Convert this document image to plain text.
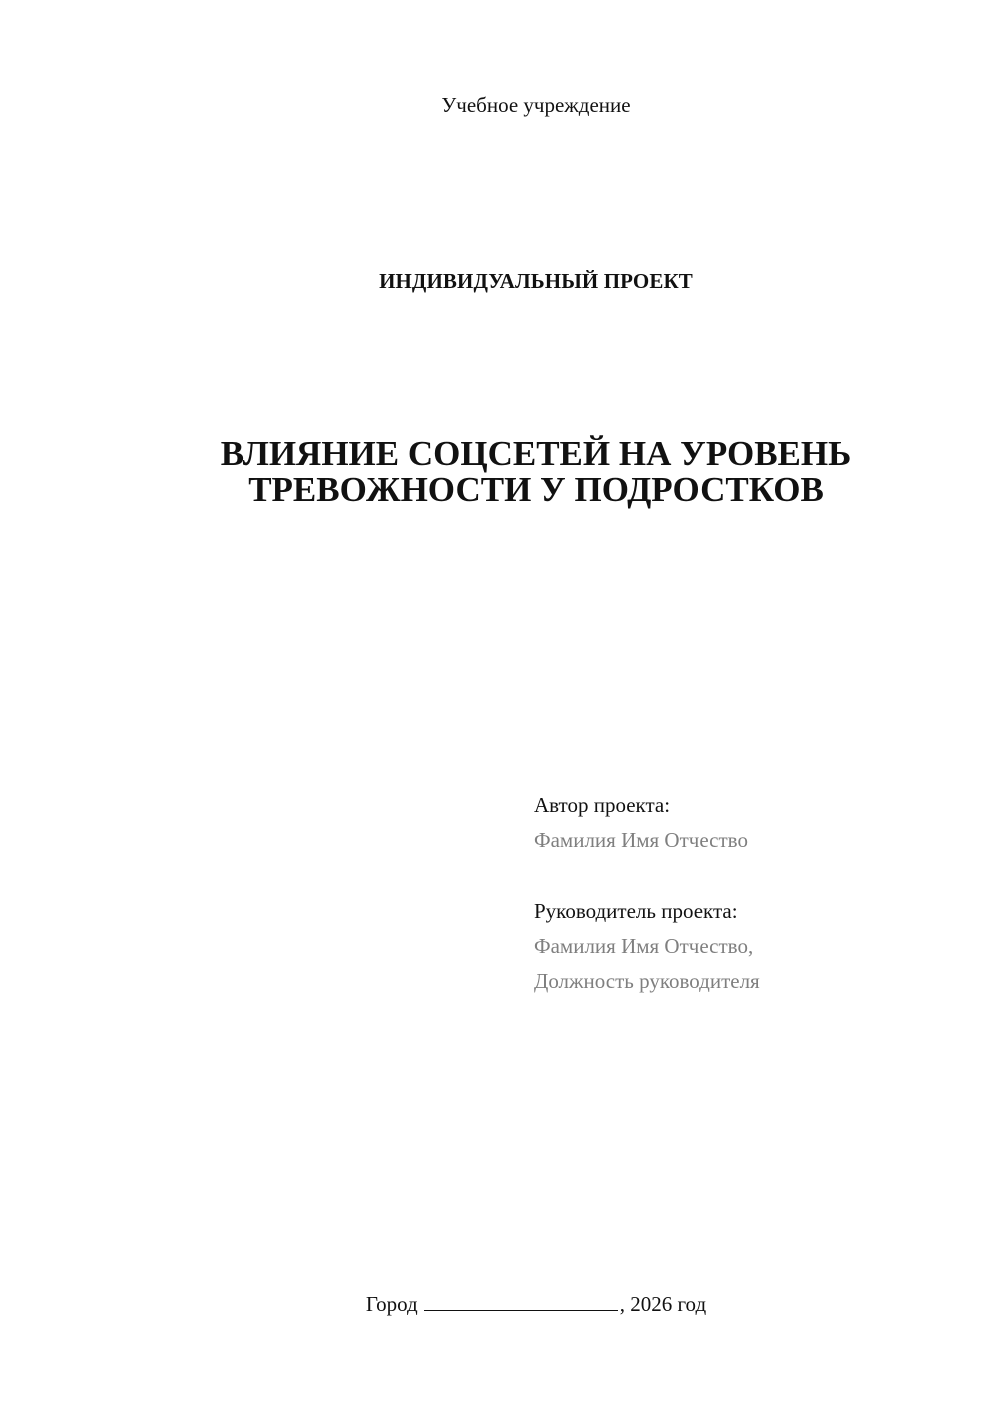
Учебное учреждение
ИНДИВИДУАЛЬНЫЙ ПРОЕКТ
ВЛИЯНИЕ СОЦСЕТЕЙ НА УРОВЕНЬ
ТРЕВОЖНОСТИ У ПОДРОСТКОВ
Автор проекта:
Фамилия Имя Отчество
Руководитель проекта:
Фамилия Имя Отчество,
Должность руководителя
Город	, 2026 год
